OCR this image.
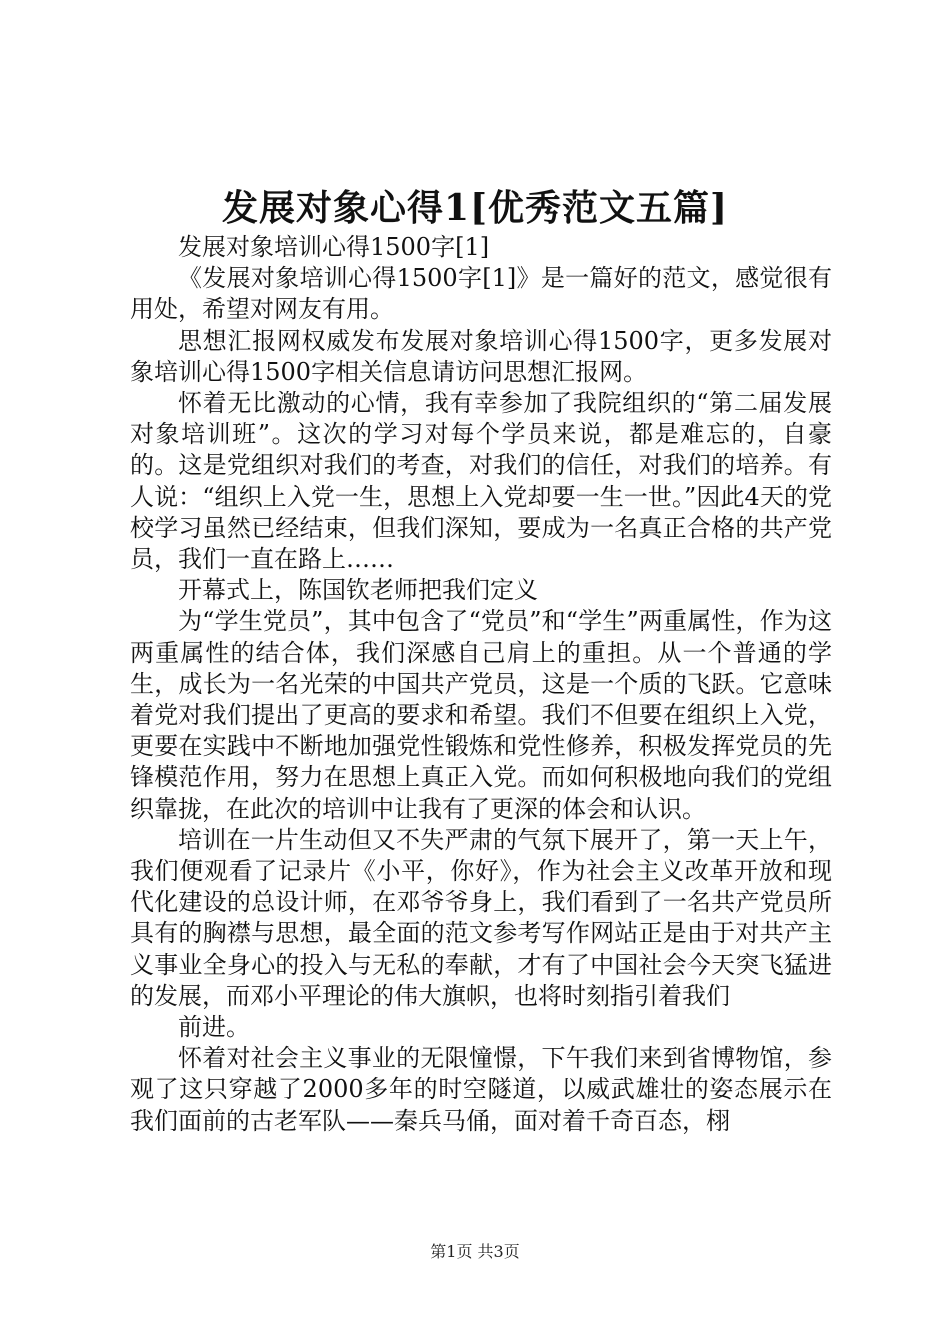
发展对象心得1[优秀范文五篇]

发展对象培训心得1500字[1]

《发展对象培训心得1500字[1]》是一篇好的范文，感觉很有用处，希望对网友有用。

思想汇报网权威发布发展对象培训心得1500字，更多发展对象培训心得1500字相关信息请访问思想汇报网。

怀着无比激动的心情，我有幸参加了我院组织的“第二届发展对象培训班”。这次的学习对每个学员来说，都是难忘的，自豪的。这是党组织对我们的考查，对我们的信任，对我们的培养。有人说：“组织上入党一生，思想上入党却要一生一世。”因此4天的党校学习虽然已经结束，但我们深知，要成为一名真正合格的共产党员，我们一直在路上……

开幕式上，陈国钦老师把我们定义

为“学生党员”，其中包含了“党员”和“学生”两重属性，作为这两重属性的结合体，我们深感自己肩上的重担。从一个普通的学生，成长为一名光荣的中国共产党员，这是一个质的飞跃。它意味着党对我们提出了更高的要求和希望。我们不但要在组织上入党，更要在实践中不断地加强党性锻炼和党性修养，积极发挥党员的先锋模范作用，努力在思想上真正入党。而如何积极地向我们的党组织靠拢，在此次的培训中让我有了更深的体会和认识。

培训在一片生动但又不失严肃的气氛下展开了，第一天上午，我们便观看了记录片《小平，你好》，作为社会主义改革开放和现代化建设的总设计师，在邓爷爷身上，我们看到了一名共产党员所具有的胸襟与思想，最全面的范文参考写作网站正是由于对共产主义事业全身心的投入与无私的奉献，才有了中国社会今天突飞猛进的发展，而邓小平理论的伟大旗帜，也将时刻指引着我们

前进。

怀着对社会主义事业的无限憧憬，下午我们来到省博物馆，参观了这只穿越了2000多年的时空隧道，以威武雄壮的姿态展示在我们面前的古老军队——秦兵马俑，面对着千奇百态，栩

第1页 共3页
